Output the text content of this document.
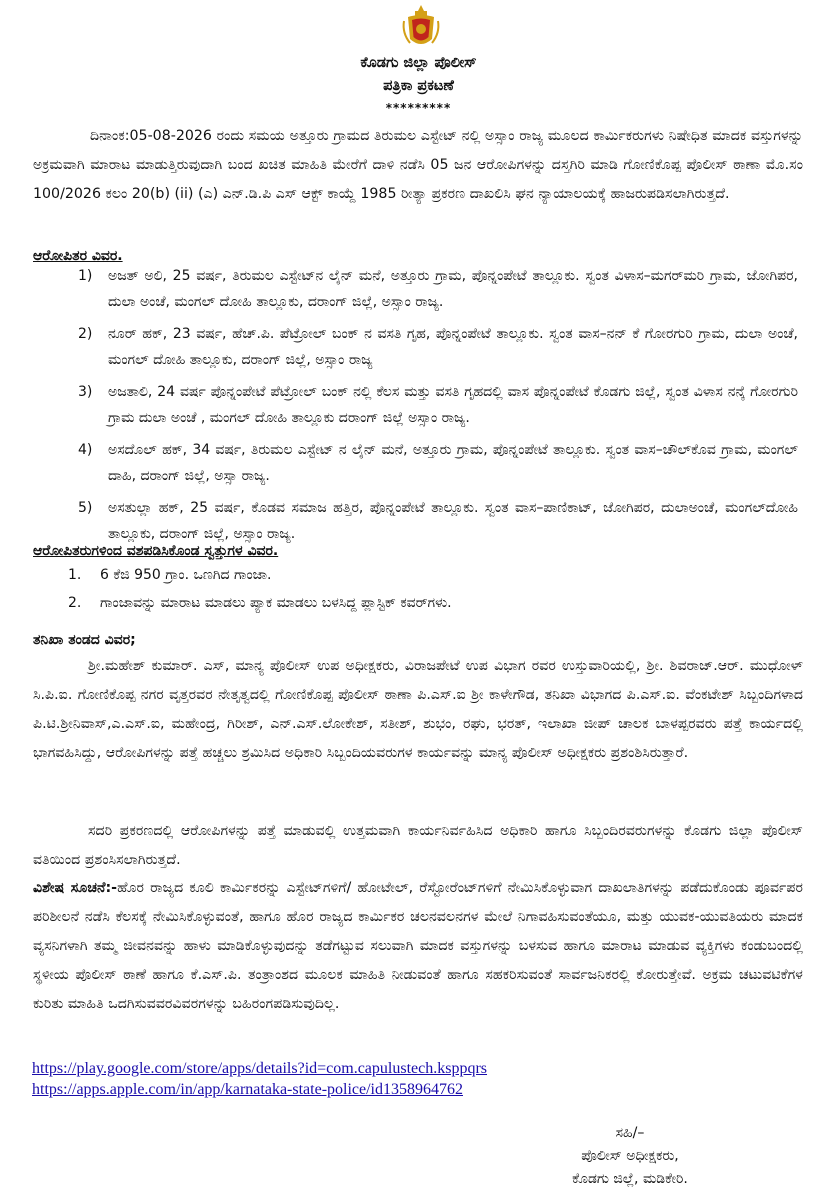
ಕೊಡಗು ಜಿಲ್ಲಾ ಪೊಲೀಸ್
ಪತ್ರಿಕಾ ಪ್ರಕಟಣೆ
*********
ದಿನಾಂಕ:05-08-2026 ರಂದು ಸಮಯ ಅತ್ತೂರು ಗ್ರಾಮದ ತಿರುಮಲ ಎಸ್ಟೇಟ್ ನಲ್ಲಿ ಅಸ್ಸಾಂ ರಾಜ್ಯ ಮೂಲದ ಕಾರ್ಮಿಕರುಗಳು ನಿಷೇಧಿತ ಮಾದಕ ವಸ್ತುಗಳನ್ನು ಅಕ್ರಮವಾಗಿ ಮಾರಾಟ ಮಾಡುತ್ತಿರುವುದಾಗಿ ಬಂದ ಖಚಿತ ಮಾಹಿತಿ ಮೇರೆಗೆ ದಾಳಿ ನಡೆಸಿ 05 ಜನ ಆರೋಪಿಗಳನ್ನು ದಸ್ತಗಿರಿ ಮಾಡಿ ಗೋಣಿಕೊಪ್ಪ ಪೊಲೀಸ್ ಠಾಣಾ ಮೊ.ಸಂ 100/2026 ಕಲಂ 20(b) (ii) (ಎ) ಎನ್.ಡಿ.ಪಿ ಎಸ್ ಆಕ್ಟ್ ಕಾಯ್ದೆ 1985 ರೀತ್ಯಾ ಪ್ರಕರಣ ದಾಖಲಿಸಿ ಘನ ನ್ಯಾಯಾಲಯಕ್ಕೆ ಹಾಜರುಪಡಿಸಲಾಗಿರುತ್ತದೆ.
ಆರೋಪಿತರ ವಿವರ.
1) ಅಜತ್ ಅಲಿ, 25 ವರ್ಷ, ತಿರುಮಲ ಎಸ್ಟೇಟ್‌ನ ಲೈನ್ ಮನೆ, ಅತ್ತೂರು ಗ್ರಾಮ, ಪೊನ್ನಂಪೇಟೆ ತಾಲ್ಲೂಕು. ಸ್ವಂತ ವಿಳಾಸ–ಮಗರ್‌ಮರಿ ಗ್ರಾಮ, ಜೋಗಿಪರ, ದುಲಾ ಅಂಚೆ, ಮಂಗಲ್ ದೋಹಿ ತಾಲ್ಲೂಕು, ದರಾಂಗ್ ಜಿಲ್ಲೆ, ಅಸ್ಸಾಂ ರಾಜ್ಯ.
2) ನೂರ್ ಹಕ್, 23 ವರ್ಷ, ಹೆಚ್.ಪಿ. ಪೆಟ್ರೋಲ್ ಬಂಕ್ ನ ವಸತಿ ಗೃಹ, ಪೊನ್ನಂಪೇಟೆ ತಾಲ್ಲೂಕು. ಸ್ವಂತ ವಾಸ–ನನ್ ಕೆ ಗೋರಗುರಿ ಗ್ರಾಮ, ದುಲಾ ಅಂಚೆ, ಮಂಗಲ್ ದೋಹಿ ತಾಲ್ಲೂಕು, ದರಾಂಗ್ ಜಿಲ್ಲೆ, ಅಸ್ಸಾಂ ರಾಜ್ಯ
3) ಅಜತಾಲಿ, 24 ವರ್ಷ ಪೊನ್ನಂಪೇಟೆ ಪೆಟ್ರೋಲ್ ಬಂಕ್ ನಲ್ಲಿ ಕೆಲಸ ಮತ್ತು ವಸತಿ ಗೃಹದಲ್ಲಿ ವಾಸ ಪೊನ್ನಂಪೇಟೆ ಕೊಡಗು ಜಿಲ್ಲೆ, ಸ್ವಂತ ವಿಳಾಸ ನನ್ಕೆ ಗೋರಗುರಿ ಗ್ರಾಮ ದುಲಾ ಅಂಚೆ , ಮಂಗಲ್ ದೋಹಿ ತಾಲ್ಲೂಕು ದರಾಂಗ್ ಜಿಲ್ಲೆ ಅಸ್ಸಾಂ ರಾಜ್ಯ.
4) ಅಸದೊಲ್ ಹಕ್, 34 ವರ್ಷ, ತಿರುಮಲ ಎಸ್ಟೇಟ್ ನ ಲೈನ್ ಮನೆ, ಅತ್ತೂರು ಗ್ರಾಮ, ಪೊನ್ನಂಪೇಟೆ ತಾಲ್ಲೂಕು. ಸ್ವಂತ ವಾಸ–ಚೌಲ್‌ಕೊವ ಗ್ರಾಮ, ಮಂಗಲ್ ದಾಹಿ, ದರಾಂಗ್ ಜಿಲ್ಲೆ, ಅಸ್ಸಾ ರಾಜ್ಯ.
5) ಅಸತುಲ್ಲಾ ಹಕ್, 25 ವರ್ಷ, ಕೊಡವ ಸಮಾಜ ಹತ್ತಿರ, ಪೊನ್ನಂಪೇಟೆ ತಾಲ್ಲೂಕು. ಸ್ವಂತ ವಾಸ–ಪಾಣಿಕಾಟ್, ಜೋಗಿಪರ, ದುಲಾಅಂಚೆ, ಮಂಗಲ್‌ದೋಹಿ ತಾಲ್ಲೂಕು, ದರಾಂಗ್ ಜಿಲ್ಲೆ, ಅಸ್ಸಾಂ ರಾಜ್ಯ.
ಆರೋಪಿತರುಗಳಿಂದ ವಶಪಡಿಸಿಕೊಂಡ ಸ್ವತ್ತುಗಳ ವಿವರ.
1. 6 ಕೆಜಿ 950 ಗ್ರಾಂ. ಒಣಗಿದ ಗಾಂಜಾ.
2. ಗಾಂಜಾವನ್ನು ಮಾರಾಟ ಮಾಡಲು ಪ್ಯಾಕ ಮಾಡಲು ಬಳಸಿದ್ದ ಪ್ಲಾಸ್ಟಿಕ್ ಕವರ್‌ಗಳು.
ತನಿಖಾ ತಂಡದ ವಿವರ;
ಶ್ರೀ.ಮಹೇಶ್ ಕುಮಾರ್. ಎಸ್, ಮಾನ್ಯ ಪೊಲೀಸ್ ಉಪ ಅಧೀಕ್ಷಕರು, ವಿರಾಜಪೇಟೆ ಉಪ ವಿಭಾಗ ರವರ ಉಸ್ತುವಾರಿಯಲ್ಲಿ, ಶ್ರೀ. ಶಿವರಾಜ್.ಆರ್. ಮುಧೋಳ್ ಸಿ.ಪಿ.ಐ. ಗೋಣಿಕೊಪ್ಪ ನಗರ ವೃತ್ತರವರ ನೇತೃತ್ವದಲ್ಲಿ ಗೋಣಿಕೊಪ್ಪ ಪೊಲೀಸ್ ಠಾಣಾ ಪಿ.ಎಸ್.ಐ ಶ್ರೀ ಕಾಳೇಗೌಡ, ತನಿಖಾ ವಿಭಾಗದ ಪಿ.ಎಸ್.ಐ. ವೆಂಕಟೇಶ್ ಸಿಬ್ಬಂದಿಗಳಾದ ಪಿ.ಟಿ.ಶ್ರೀನಿವಾಸ್,ಎ.ಎಸ್.ಐ, ಮಹೇಂದ್ರ, ಗಿರೀಶ್, ಎನ್.ಎಸ್.ಲೋಕೇಶ್, ಸತೀಶ್, ಶುಭಂ, ರಘು, ಭರತ್, ಇಲಾಖಾ ಜೀಪ್ ಚಾಲಕ ಬಾಳಪ್ಪರವರು ಪತ್ತೆ ಕಾರ್ಯದಲ್ಲಿ ಭಾಗವಹಿಸಿದ್ದು, ಆರೋಪಿಗಳನ್ನು ಪತ್ತೆ ಹಚ್ಚಲು ಶ್ರಮಿಸಿದ ಅಧಿಕಾರಿ ಸಿಬ್ಬಂದಿಯವರುಗಳ ಕಾರ್ಯವನ್ನು ಮಾನ್ಯ ಪೊಲೀಸ್ ಅಧೀಕ್ಷಕರು ಪ್ರಶಂಶಿಸಿರುತ್ತಾರೆ.
ಸದರಿ ಪ್ರಕರಣದಲ್ಲಿ ಆರೋಪಿಗಳನ್ನು ಪತ್ತೆ ಮಾಡುವಲ್ಲಿ ಉತ್ತಮವಾಗಿ ಕಾರ್ಯನಿರ್ವಹಿಸಿದ ಅಧಿಕಾರಿ ಹಾಗೂ ಸಿಬ್ಬಂದಿರವರುಗಳನ್ನು ಕೊಡಗು ಜಿಲ್ಲಾ ಪೊಲೀಸ್ ವತಿಯಿಂದ ಪ್ರಶಂಸಿಸಲಾಗಿರುತ್ತದೆ.
ವಿಶೇಷ ಸೂಚನೆ:-ಹೊರ ರಾಜ್ಯದ ಕೂಲಿ ಕಾರ್ಮಿಕರನ್ನು ಎಸ್ಟೇಟ್‌ಗಳಿಗೆ/ ಹೋಟೇಲ್, ರೆಸ್ಟೋರೆಂಟ್‌ಗಳಿಗೆ ನೇಮಿಸಿಕೊಳ್ಳುವಾಗ ದಾಖಲಾತಿಗಳನ್ನು ಪಡೆದುಕೊಂಡು ಪೂರ್ವಪರ ಪರಿಶೀಲನೆ ನಡೆಸಿ ಕೆಲಸಕ್ಕೆ ನೇಮಿಸಿಕೊಳ್ಳುವಂತೆ, ಹಾಗೂ ಹೊರ ರಾಜ್ಯದ ಕಾರ್ಮಿಕರ ಚಲನವಲನಗಳ ಮೇಲೆ ನಿಗಾವಹಿಸುವಂತೆಯೂ, ಮತ್ತು ಯುವಕ-ಯುವತಿಯರು ಮಾದಕ ವ್ಯಸನಿಗಳಾಗಿ ತಮ್ಮ ಜೀವನವನ್ನು ಹಾಳು ಮಾಡಿಕೊಳ್ಳುವುದನ್ನು ತಡೆಗಟ್ಟುವ ಸಲುವಾಗಿ ಮಾದಕ ವಸ್ತುಗಳನ್ನು ಬಳಸುವ ಹಾಗೂ ಮಾರಾಟ ಮಾಡುವ ವ್ಯಕ್ತಿಗಳು ಕಂಡುಬಂದಲ್ಲಿ ಸ್ಥಳೀಯ ಪೊಲೀಸ್ ಠಾಣೆ ಹಾಗೂ ಕೆ.ಎಸ್.ಪಿ. ತಂತ್ರಾಂಶದ ಮೂಲಕ ಮಾಹಿತಿ ನೀಡುವಂತೆ ಹಾಗೂ ಸಹಕರಿಸುವಂತೆ ಸಾರ್ವಜನಿಕರಲ್ಲಿ ಕೋರುತ್ತೇವೆ. ಅಕ್ರಮ ಚಟುವಟಿಕೆಗಳ ಕುರಿತು ಮಾಹಿತಿ ಒದಗಿಸುವವರವಿವರಗಳನ್ನು ಬಹಿರಂಗಪಡಿಸುವುದಿಲ್ಲ.
https://play.google.com/store/apps/details?id=com.capulustech.ksppqrs
https://apps.apple.com/in/app/karnataka-state-police/id1358964762
ಸಹಿ/–
ಪೊಲೀಸ್ ಅಧೀಕ್ಷಕರು,
ಕೊಡಗು ಜಿಲ್ಲೆ, ಮಡಿಕೇರಿ.
